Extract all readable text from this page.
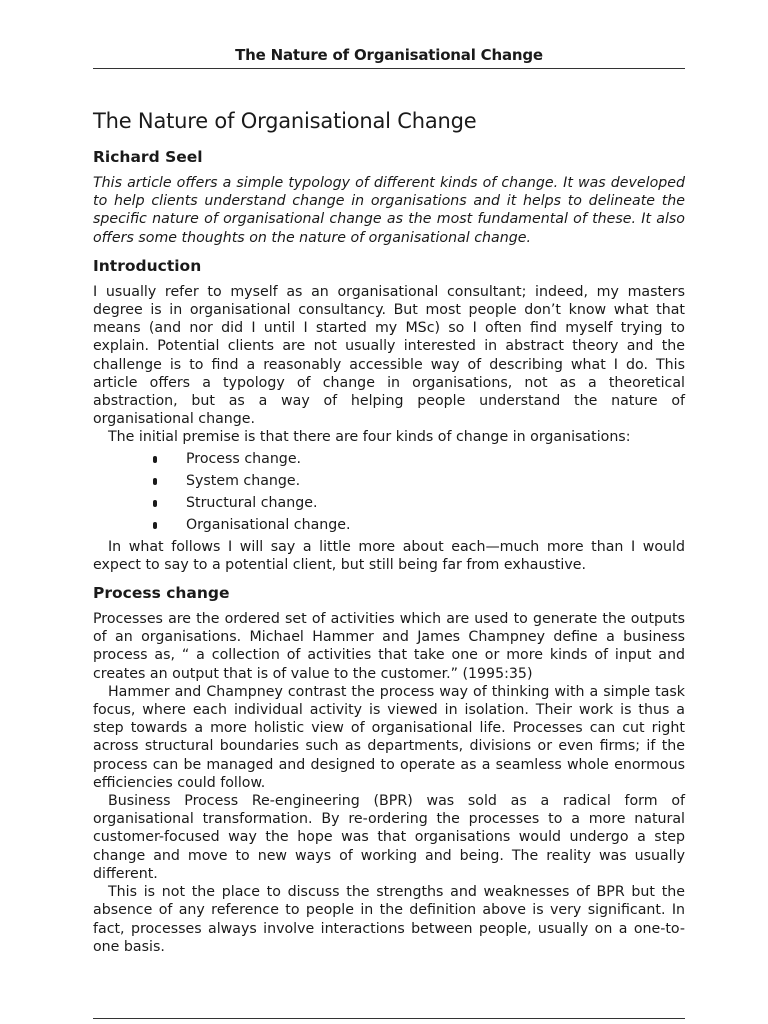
The Nature of Organisational Change
The Nature of Organisational Change
Richard Seel

This article offers a simple typology of different kinds of change. It was developed to help clients understand change in organisations and it helps to delineate the specific nature of organisational change as the most fundamental of these. It also offers some thoughts on the nature of organisational change.

Introduction

I usually refer to myself as an organisational consultant; indeed, my masters degree is in organisational consultancy. But most people don’t know what that means (and nor did I until I started my MSc) so I often find myself trying to explain. Potential clients are not usually interested in abstract theory and the challenge is to find a reasonably accessible way of describing what I do. This article offers a typology of change in organisations, not as a theoretical abstraction, but as a way of helping people understand the nature of organisational change.

The initial premise is that there are four kinds of change in organisations:

Process change.
System change.
Structural change.
Organisational change.

In what follows I will say a little more about each—much more than I would expect to say to a potential client, but still being far from exhaustive.

Process change

Processes are the ordered set of activities which are used to generate the outputs of an organisations. Michael Hammer and James Champney define a business process as, “ a collection of activities that take one or more kinds of input and creates an output that is of value to the customer.” (1995:35)

Hammer and Champney contrast the process way of thinking with a simple task focus, where each individual activity is viewed in isolation. Their work is thus a step towards a more holistic view of organisational life. Processes can cut right across structural boundaries such as departments, divisions or even firms; if the process can be managed and designed to operate as a seamless whole enormous efficiencies could follow.

Business Process Re-engineering (BPR) was sold as a radical form of organisational transformation. By re-ordering the processes to a more natural customer-focused way the hope was that organisations would undergo a step change and move to new ways of working and being. The reality was usually different.

This is not the place to discuss the strengths and weaknesses of BPR but the absence of any reference to people in the definition above is very significant. In fact, processes always involve interactions between people, usually on a one-to-one basis.
